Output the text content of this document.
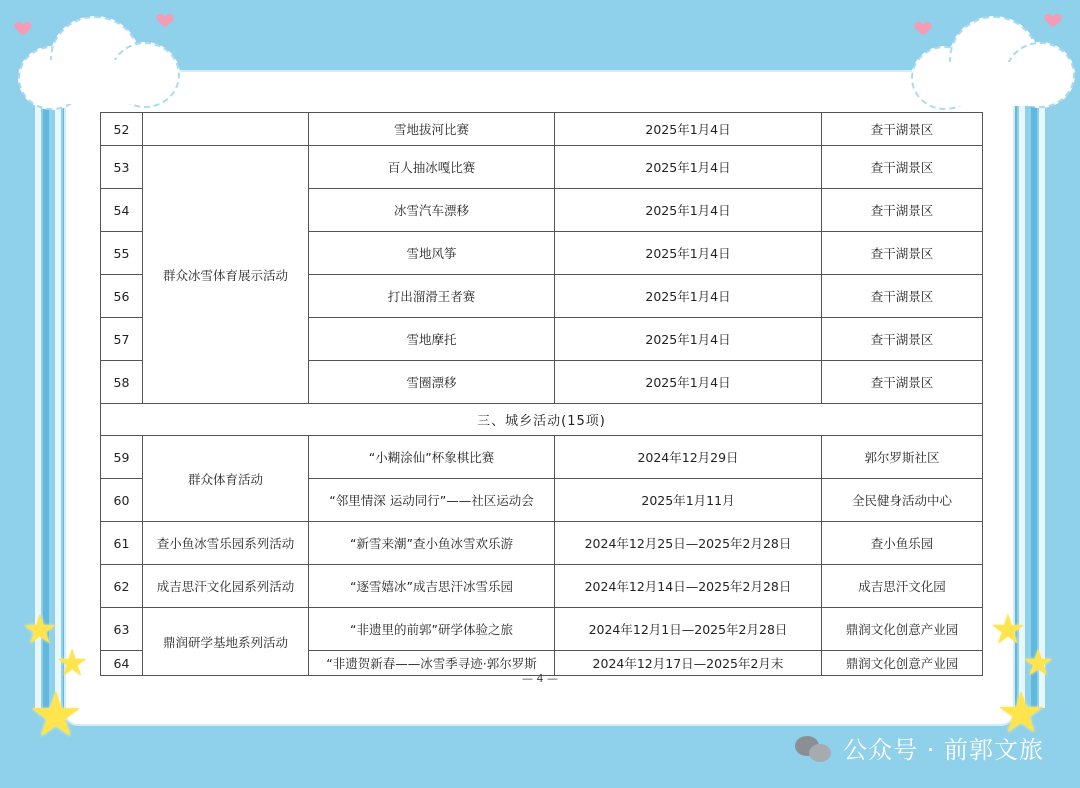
52		雪地拔河比赛	2025年1月4日	查干湖景区
53	群众冰雪体育展示活动	百人抽冰嘎比赛	2025年1月4日	查干湖景区
54		冰雪汽车漂移	2025年1月4日	查干湖景区
55		雪地风筝	2025年1月4日	查干湖景区
56		打出溜滑王者赛	2025年1月4日	查干湖景区
57		雪地摩托	2025年1月4日	查干湖景区
58		雪圈漂移	2025年1月4日	查干湖景区
三、城乡活动(15项)				
59	群众体育活动	“小糊涂仙”杯象棋比赛	2024年12月29日	郭尔罗斯社区
60		“邻里情深 运动同行”——社区运动会	2025年1月11月	全民健身活动中心
61	查小鱼冰雪乐园系列活动	“新雪来潮”查小鱼冰雪欢乐游	2024年12月25日—2025年2月28日	查小鱼乐园
62	成吉思汗文化园系列活动	“逐雪嬉冰”成吉思汗冰雪乐园	2024年12月14日—2025年2月28日	成吉思汗文化园
63	鼎润研学基地系列活动	“非遗里的前郭”研学体验之旅	2024年12月1日—2025年2月28日	鼎润文化创意产业园
64		“非遗贺新春——冰雪季寻迹·郭尔罗斯	2024年12月17日—2025年2月末	鼎润文化创意产业园
— 4 —
★
★
★
★
★
★
公众号 · 前郭文旅
